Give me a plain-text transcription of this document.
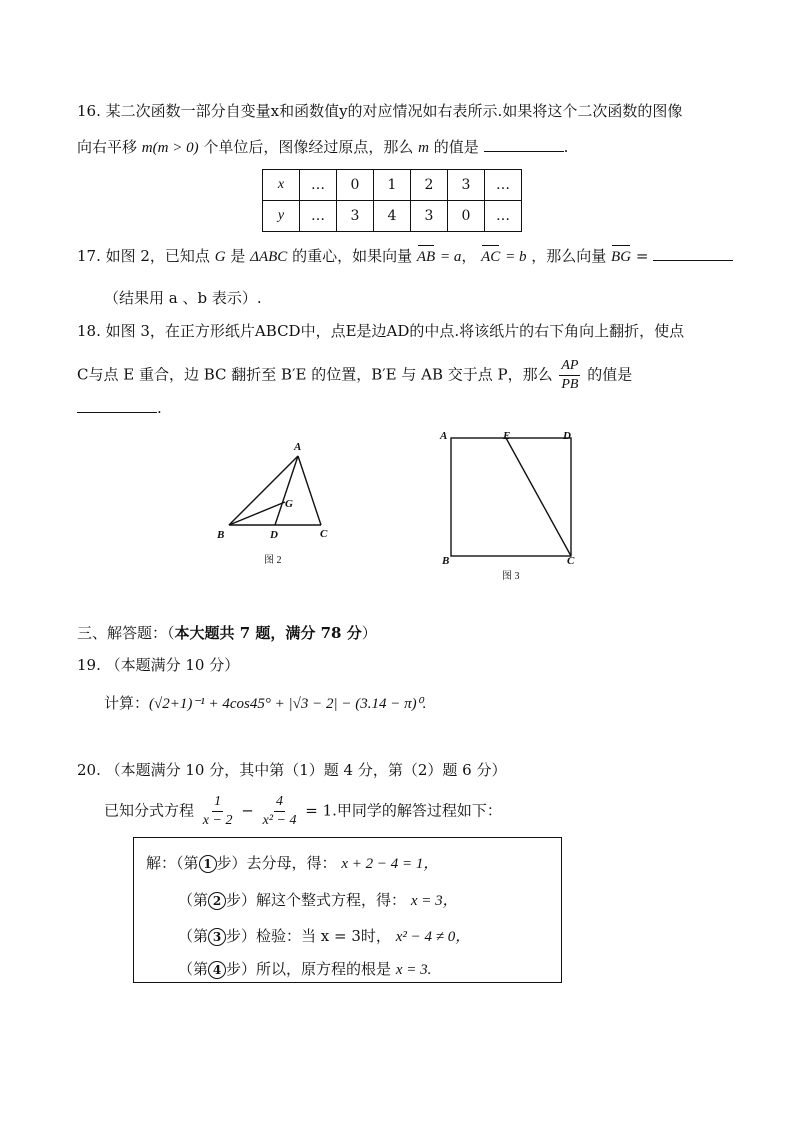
16. 某二次函数一部分自变量x和函数值y的对应情况如右表所示.如果将这个二次函数的图像
向右平移 m(m > 0) 个单位后，图像经过原点，那么 m 的值是	.
x	…	0	1	2	3	…
y	…	3	4	3	0	…
17. 如图 2，已知点 G 是 ΔABC 的重心，如果向量 AB = a， AC = b ，那么向量 BG =
（结果用 a 、b 表示）.
18. 如图 3，在正方形纸片ABCD中，点E是边AD的中点.将该纸片的右下角向上翻折，使点
C与点 E 重合，边 BC 翻折至 B′E 的位置，B′E 与 AB 交于点 P，那么 $\frac{AP}{PB}$ 的值是
.
A
B	C
D
G
图 2
A	E	D
B	C
图 3
三、解答题：（本大题共 7 题，满分 78 分）
19. （本题满分 10 分）
计算：(√2+1)⁻¹ + 4cos45° + |√3 − 2| − (3.14 − π)⁰.
20. （本题满分 10 分，其中第（1）题 4 分，第（2）题 6 分）
已知分式方程 $\frac{1}{x - 2} - \frac{4}{\text{x² − 4}} = 1$.甲同学的解答过程如下：
解：（第 1 步）去分母，得： x + 2 − 4 = 1，
（第 2 步）解这个整式方程，得： x = 3，
（第 3 步）检验：当 x = 3时， x² − 4 ≠ 0，
（第 4 步）所以，原方程的根是 x = 3.
